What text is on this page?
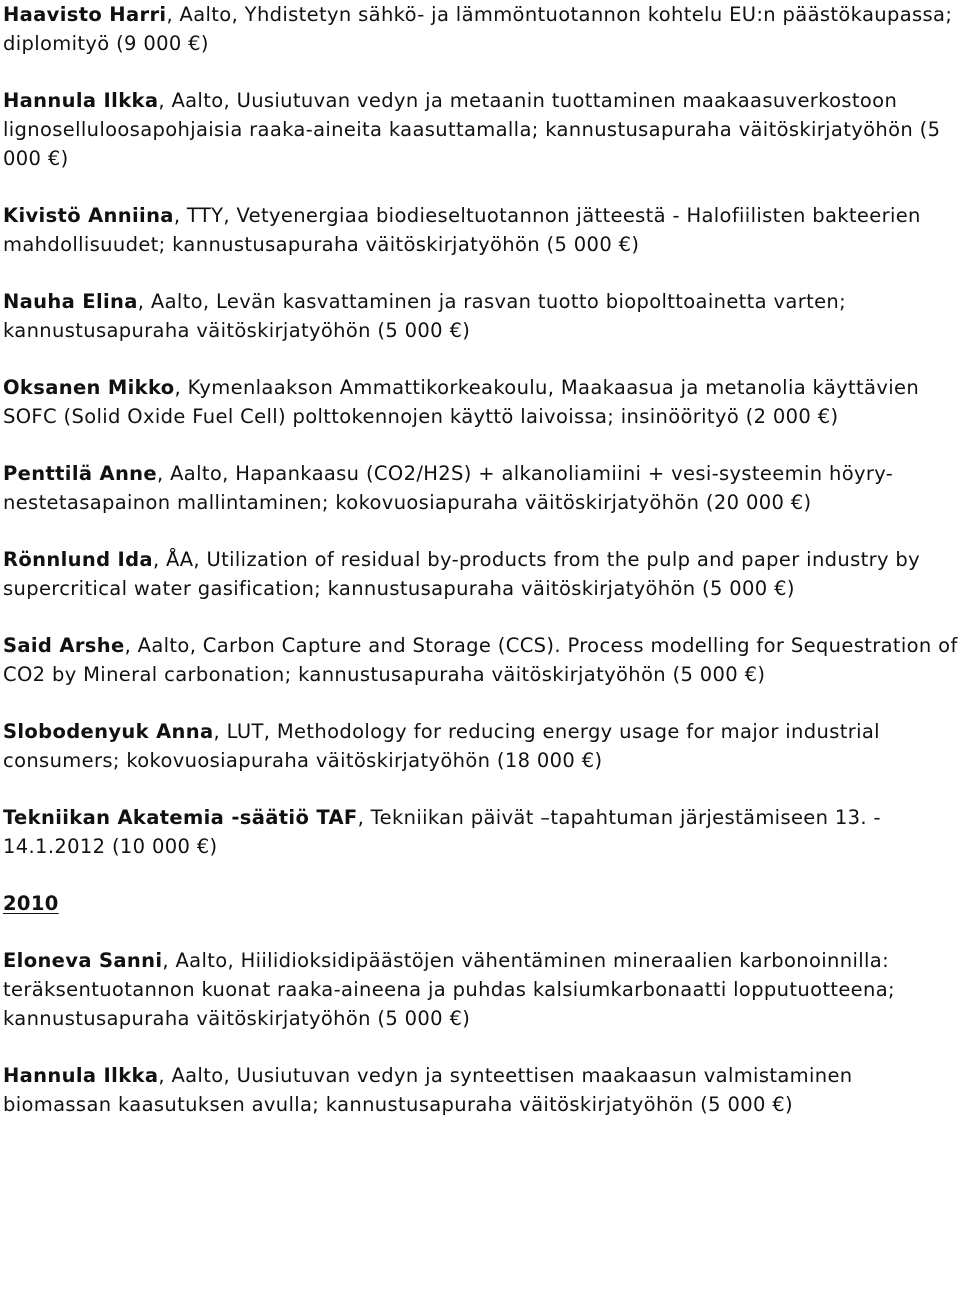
Haavisto Harri, Aalto, Yhdistetyn sähkö- ja lämmöntuotannon kohtelu EU:n päästökaupassa; diplomityö (9 000 €)
Hannula Ilkka, Aalto, Uusiutuvan vedyn ja metaanin tuottaminen maakaasuverkostoon lignoselluloosapohjaisia raaka-aineita kaasuttamalla; kannustusapuraha väitöskirjatyöhön (5 000 €)
Kivistö Anniina, TTY, Vetyenergiaa biodieseltuotannon jätteestä - Halofiilisten bakteerien mahdollisuudet; kannustusapuraha väitöskirjatyöhön (5 000 €)
Nauha Elina, Aalto, Levän kasvattaminen ja rasvan tuotto biopolttoainetta varten; kannustusapuraha väitöskirjatyöhön (5 000 €)
Oksanen Mikko, Kymenlaakson Ammattikorkeakoulu, Maakaasua ja metanolia käyttävien SOFC (Solid Oxide Fuel Cell) polttokennojen käyttö laivoissa; insinöörityö (2 000 €)
Penttilä Anne, Aalto, Hapankaasu (CO2/H2S) + alkanoliamiini + vesi-systeemin höyry-nestetasapainon mallintaminen; kokovuosiapuraha väitöskirjatyöhön (20 000 €)
Rönnlund Ida, ÅA, Utilization of residual by-products from the pulp and paper industry by supercritical water gasification; kannustusapuraha väitöskirjatyöhön (5 000 €)
Said Arshe, Aalto, Carbon Capture and Storage (CCS). Process modelling for Sequestration of CO2 by Mineral carbonation; kannustusapuraha väitöskirjatyöhön (5 000 €)
Slobodenyuk Anna, LUT, Methodology for reducing energy usage for major industrial consumers; kokovuosiapuraha väitöskirjatyöhön (18 000 €)
Tekniikan Akatemia -säätiö TAF, Tekniikan päivät –tapahtuman järjestämiseen 13. - 14.1.2012 (10 000 €)
2010
Eloneva Sanni, Aalto, Hiilidioksidipäästöjen vähentäminen mineraalien karbonoinnilla: teräksentuotannon kuonat raaka-aineena ja puhdas kalsiumkarbonaatti lopputuotteena; kannustusapuraha väitöskirjatyöhön (5 000 €)
Hannula Ilkka, Aalto, Uusiutuvan vedyn ja synteettisen maakaasun valmistaminen biomassan kaasutuksen avulla; kannustusapuraha väitöskirjatyöhön (5 000 €)
